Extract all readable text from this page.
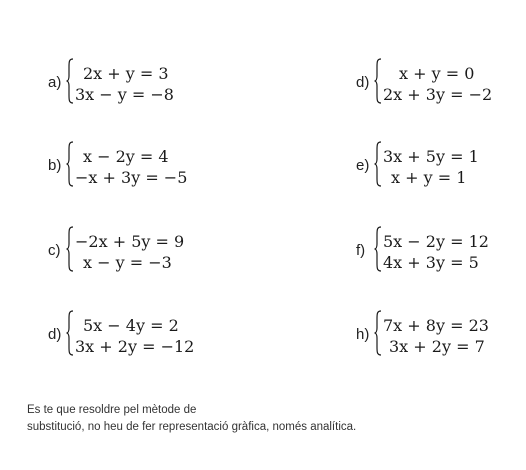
a)	2x + y = 3
3x − y = −8
d)	x + y = 0
2x + 3y = −2
b)	x − 2y = 4
−x + 3y = −5
e) 3x + 5y = 1
x + y = 1
c) −2x + 5y = 9
x − y = −3
f) 5x − 2y = 12
4x + 3y = 5
d)	5x − 4y = 2
3x + 2y = −12
h) 7x + 8y = 23
3x + 2y = 7
Es te que resoldre pel mètode de
substitució, no heu de fer representació gràfica, només analítica.
